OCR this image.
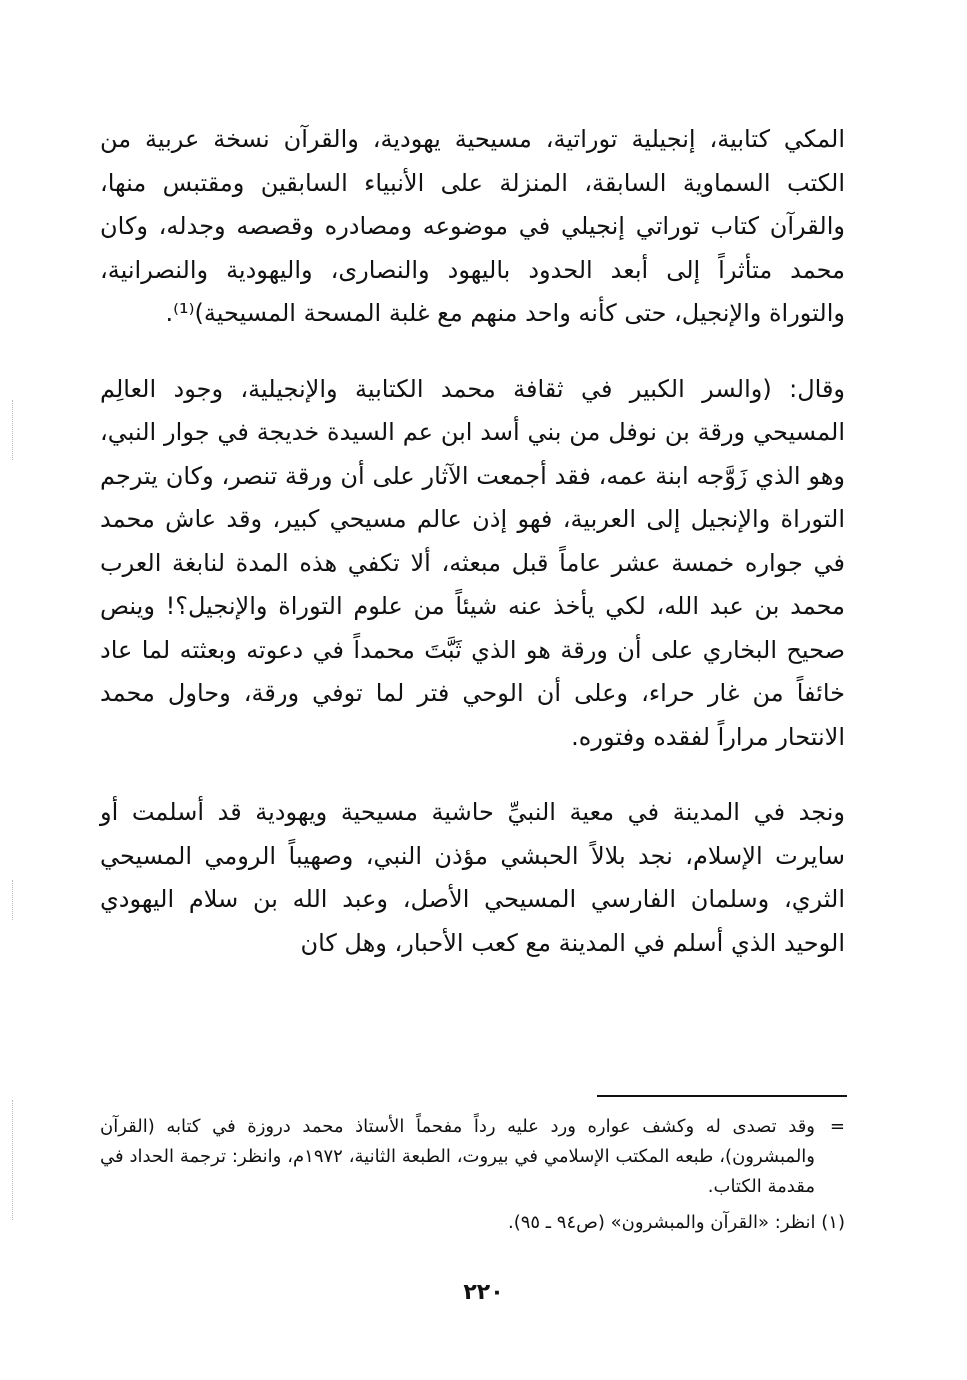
المكي كتابية، إنجيلية توراتية، مسيحية يهودية، والقرآن نسخة عربية من الكتب السماوية السابقة، المنزلة على الأنبياء السابقين ومقتبس منها، والقرآن كتاب توراتي إنجيلي في موضوعه ومصادره وقصصه وجدله، وكان محمد متأثراً إلى أبعد الحدود باليهود والنصارى، واليهودية والنصرانية، والتوراة والإنجيل، حتى كأنه واحد منهم مع غلبة المسحة المسيحية)⁽¹⁾.

وقال: (والسر الكبير في ثقافة محمد الكتابية والإنجيلية، وجود العالِم المسيحي ورقة بن نوفل من بني أسد ابن عم السيدة خديجة في جوار النبي، وهو الذي زَوَّجه ابنة عمه، فقد أجمعت الآثار على أن ورقة تنصر، وكان يترجم التوراة والإنجيل إلى العربية، فهو إذن عالم مسيحي كبير، وقد عاش محمد في جواره خمسة عشر عاماً قبل مبعثه، ألا تكفي هذه المدة لنابغة العرب محمد بن عبد الله، لكي يأخذ عنه شيئاً من علوم التوراة والإنجيل؟! وينص صحيح البخاري على أن ورقة هو الذي ثَبَّتَ محمداً في دعوته وبعثته لما عاد خائفاً من غار حراء، وعلى أن الوحي فتر لما توفي ورقة، وحاول محمد الانتحار مراراً لفقده وفتوره.

ونجد في المدينة في معية النبيِّ حاشية مسيحية ويهودية قد أسلمت أو سايرت الإسلام، نجد بلالاً الحبشي مؤذن النبي، وصهيباً الرومي المسيحي الثري، وسلمان الفارسي المسيحي الأصل، وعبد الله بن سلام اليهودي الوحيد الذي أسلم في المدينة مع كعب الأحبار، وهل كان

=
وقد تصدى له وكشف عواره ورد عليه رداً مفحماً الأستاذ محمد دروزة في كتابه (القرآن والمبشرون)، طبعه المكتب الإسلامي في بيروت، الطبعة الثانية، ١٩٧٢م، وانظر: ترجمة الحداد في مقدمة الكتاب.

(١) انظر: «القرآن والمبشرون» (ص٩٤ ـ ٩٥).

٢٢٠
